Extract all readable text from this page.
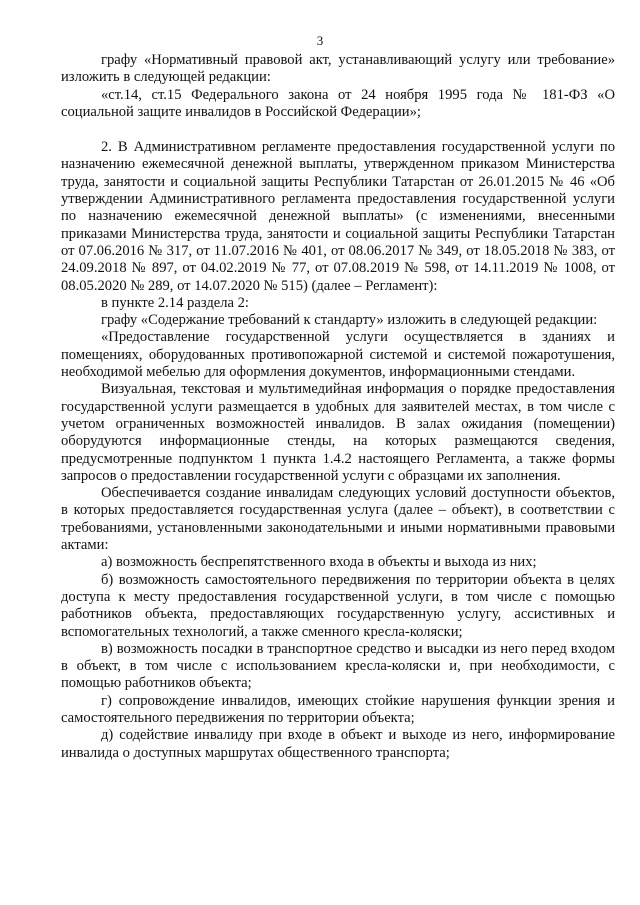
3

графу «Нормативный правовой акт, устанавливающий услугу или требование» изложить в следующей редакции:

«ст.14, ст.15 Федерального закона от 24 ноября 1995 года № 181-ФЗ «О социальной защите инвалидов в Российской Федерации»;

2. В Административном регламенте предоставления государственной услуги по назначению ежемесячной денежной выплаты, утвержденном приказом Министерства труда, занятости и социальной защиты Республики Татарстан от 26.01.2015 № 46 «Об утверждении Административного регламента предоставления государственной услуги по назначению ежемесячной денежной выплаты» (с изменениями, внесенными приказами Министерства труда, занятости и социальной защиты Республики Татарстан от 07.06.2016 № 317, от 11.07.2016 № 401, от 08.06.2017 № 349, от 18.05.2018 № 383, от 24.09.2018 № 897, от 04.02.2019 № 77, от 07.08.2019 № 598, от 14.11.2019 № 1008, от 08.05.2020 № 289, от 14.07.2020 № 515) (далее – Регламент):

в пункте 2.14 раздела 2:

графу «Содержание требований к стандарту» изложить в следующей редакции:

«Предоставление государственной услуги осуществляется в зданиях и помещениях, оборудованных противопожарной системой и системой пожаротушения, необходимой мебелью для оформления документов, информационными стендами.

Визуальная, текстовая и мультимедийная информация о порядке предоставления государственной услуги размещается в удобных для заявителей местах, в том числе с учетом ограниченных возможностей инвалидов. В залах ожидания (помещении) оборудуются информационные стенды, на которых размещаются сведения, предусмотренные подпунктом 1 пункта 1.4.2 настоящего Регламента, а также формы запросов о предоставлении государственной услуги с образцами их заполнения.

Обеспечивается создание инвалидам следующих условий доступности объектов, в которых предоставляется государственная услуга (далее – объект), в соответствии с требованиями, установленными законодательными и иными нормативными правовыми актами:

а) возможность беспрепятственного входа в объекты и выхода из них;

б) возможность самостоятельного передвижения по территории объекта в целях доступа к месту предоставления государственной услуги, в том числе с помощью работников объекта, предоставляющих государственную услугу, ассистивных и вспомогательных технологий, а также сменного кресла-коляски;

в) возможность посадки в транспортное средство и высадки из него перед входом в объект, в том числе с использованием кресла-коляски и, при необходимости, с помощью работников объекта;

г) сопровождение инвалидов, имеющих стойкие нарушения функции зрения и самостоятельного передвижения по территории объекта;

д) содействие инвалиду при входе в объект и выходе из него, информирование инвалида о доступных маршрутах общественного транспорта;
